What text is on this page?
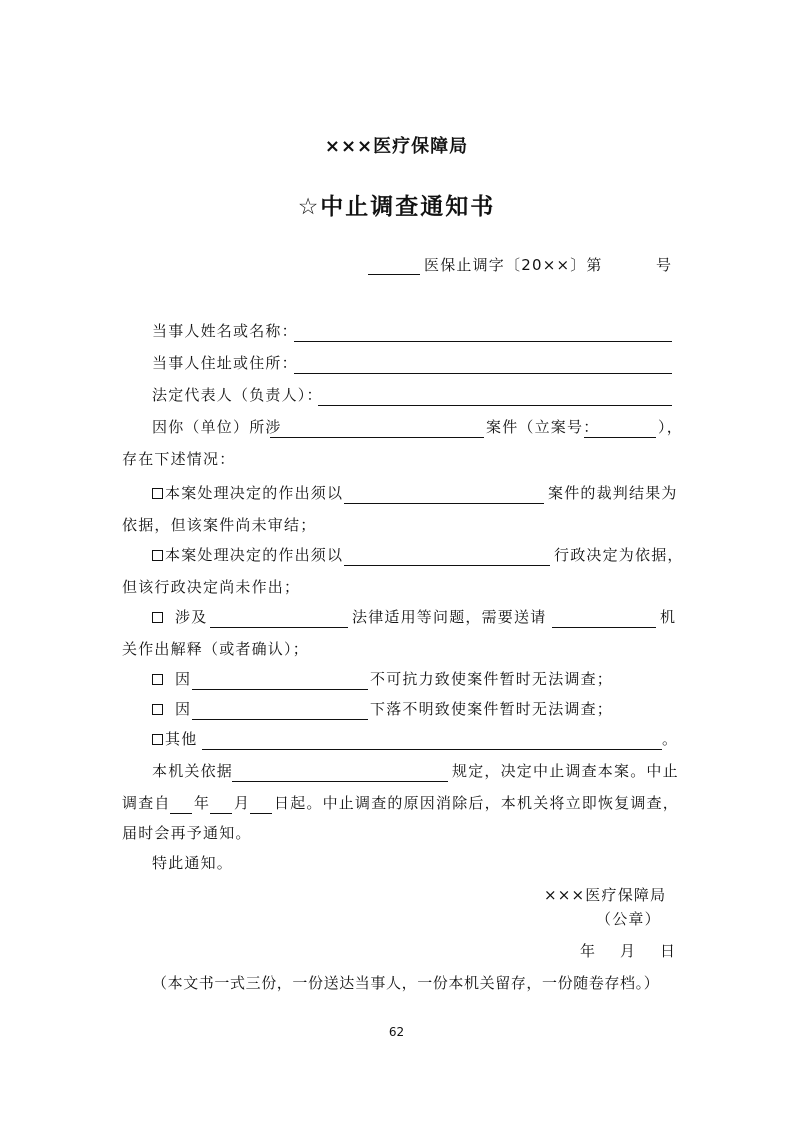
×××医疗保障局
☆中止调查通知书
医保止调字〔20××〕第	号
当事人姓名或名称：
当事人住址或住所：
法定代表人（负责人）：
因你（单位）所涉	案件（立案号：	），
存在下述情况：
本案处理决定的作出须以	案件的裁判结果为
依据，但该案件尚未审结；
本案处理决定的作出须以	行政决定为依据，
但该行政决定尚未作出；
涉及	法律适用等问题，需要送请	机
关作出解释（或者确认）；
因	不可抗力致使案件暂时无法调查；
因	下落不明致使案件暂时无法调查；
其他	。
本机关依据	规定，决定中止调查本案。中止
调查自 年 月 日起。中止调查的原因消除后，本机关将立即恢复调查，
届时会再予通知。
特此通知。
×××医疗保障局
（公章）
年 月 日
（本文书一式三份，一份送达当事人，一份本机关留存，一份随卷存档。）
62
